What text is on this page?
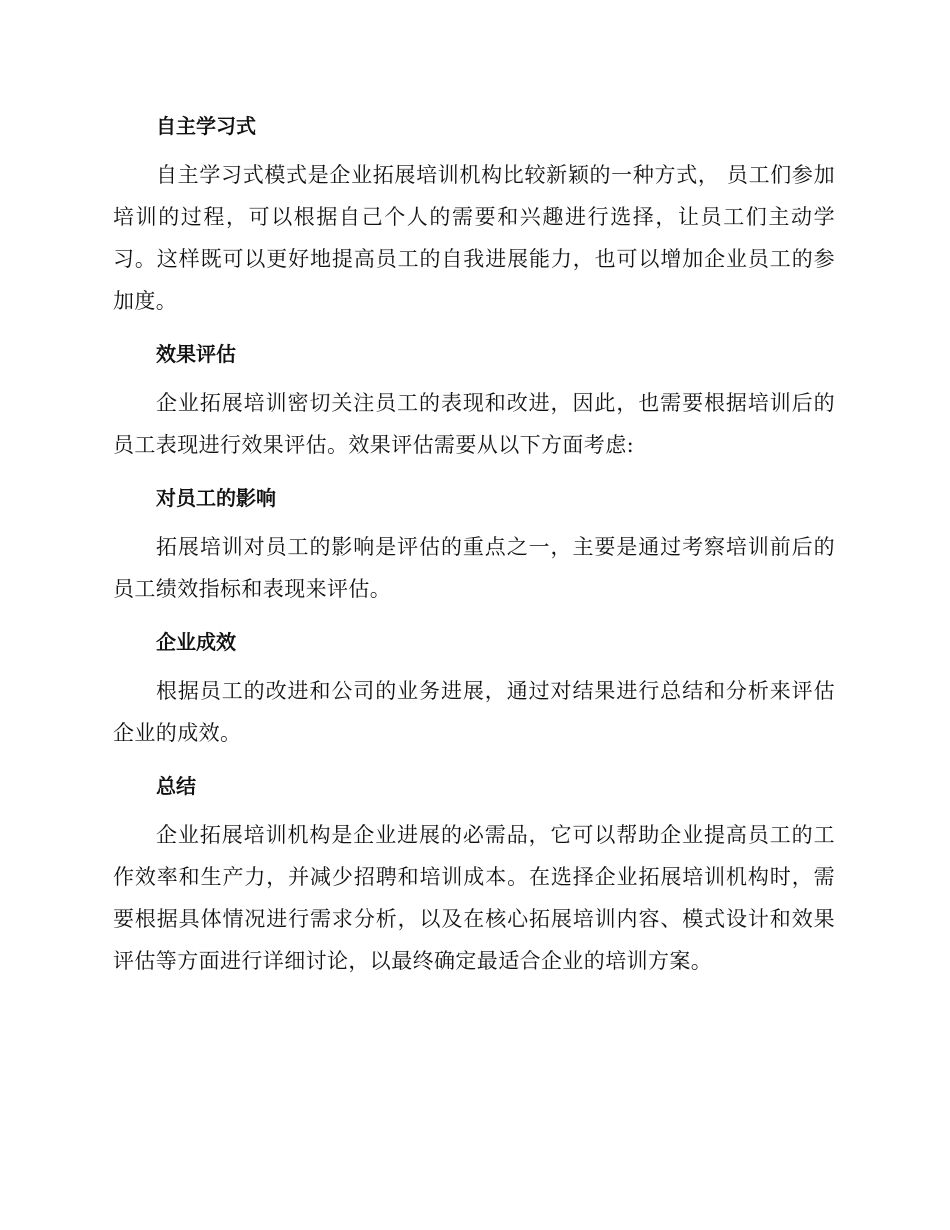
自主学习式

自主学习式模式是企业拓展培训机构比较新颖的一种方式， 员工们参加培训的过程，可以根据自己个人的需要和兴趣进行选择，让员工们主动学习。这样既可以更好地提高员工的自我进展能力，也可以增加企业员工的参加度。

效果评估

企业拓展培训密切关注员工的表现和改进，因此，也需要根据培训后的员工表现进行效果评估。效果评估需要从以下方面考虑:

对员工的影响

拓展培训对员工的影响是评估的重点之一，主要是通过考察培训前后的员工绩效指标和表现来评估。

企业成效

根据员工的改进和公司的业务进展，通过对结果进行总结和分析来评估企业的成效。

总结

企业拓展培训机构是企业进展的必需品，它可以帮助企业提高员工的工作效率和生产力，并减少招聘和培训成本。在选择企业拓展培训机构时，需要根据具体情况进行需求分析，以及在核心拓展培训内容、模式设计和效果评估等方面进行详细讨论，以最终确定最适合企业的培训方案。
